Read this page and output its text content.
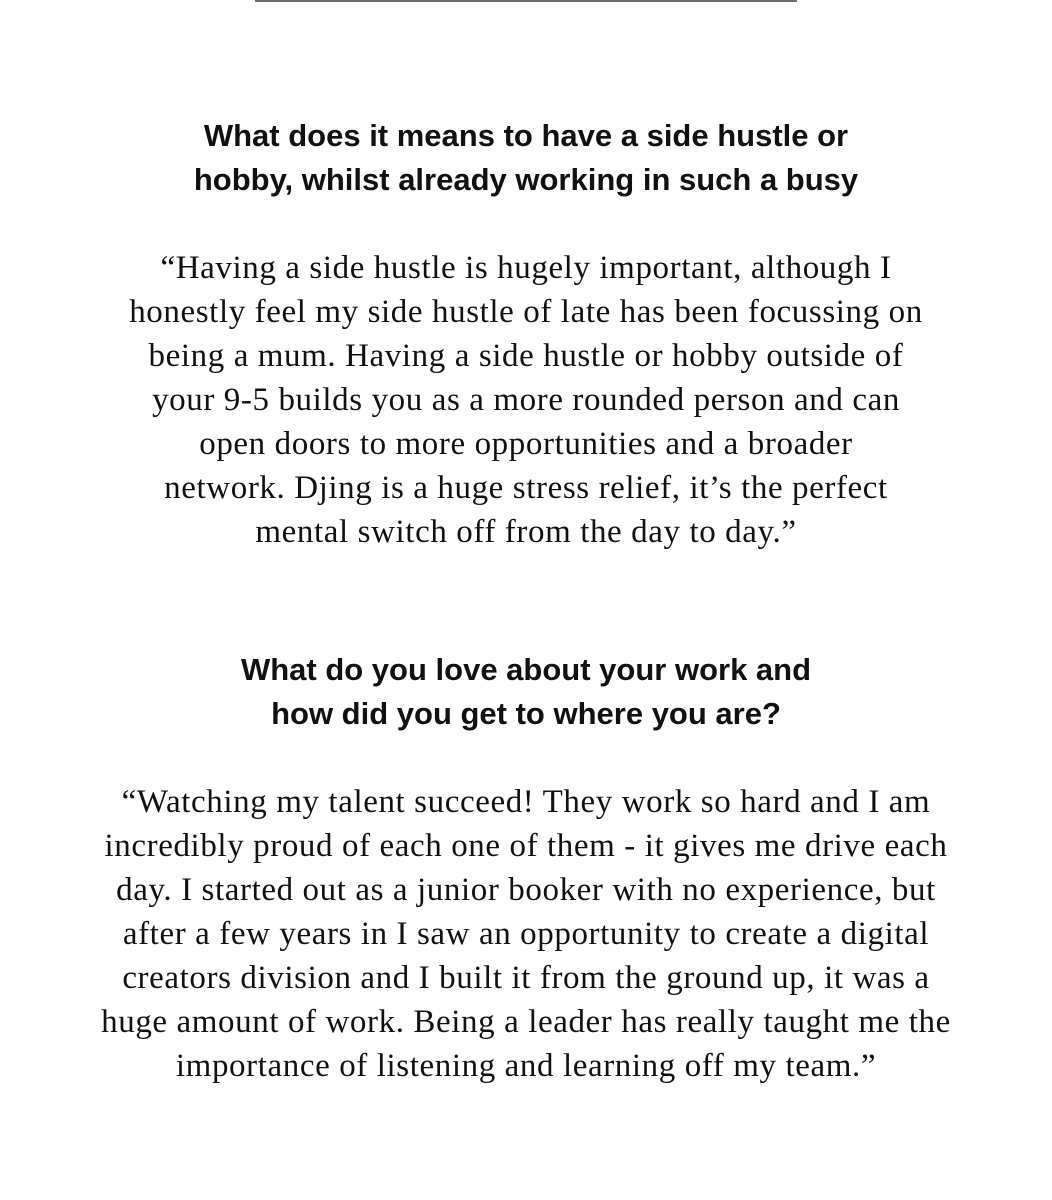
What does it means to have a side hustle or
hobby, whilst already working in such a busy

“Having a side hustle is hugely important, although I
honestly feel my side hustle of late has been focussing on
being a mum. Having a side hustle or hobby outside of
your 9-5 builds you as a more rounded person and can
open doors to more opportunities and a broader
network. Djing is a huge stress relief, it’s the perfect
mental switch off from the day to day.”

What do you love about your work and
how did you get to where you are?

“Watching my talent succeed! They work so hard and I am
incredibly proud of each one of them - it gives me drive each
day. I started out as a junior booker with no experience, but
after a few years in I saw an opportunity to create a digital
creators division and I built it from the ground up, it was a
huge amount of work. Being a leader has really taught me the
importance of listening and learning off my team.”
